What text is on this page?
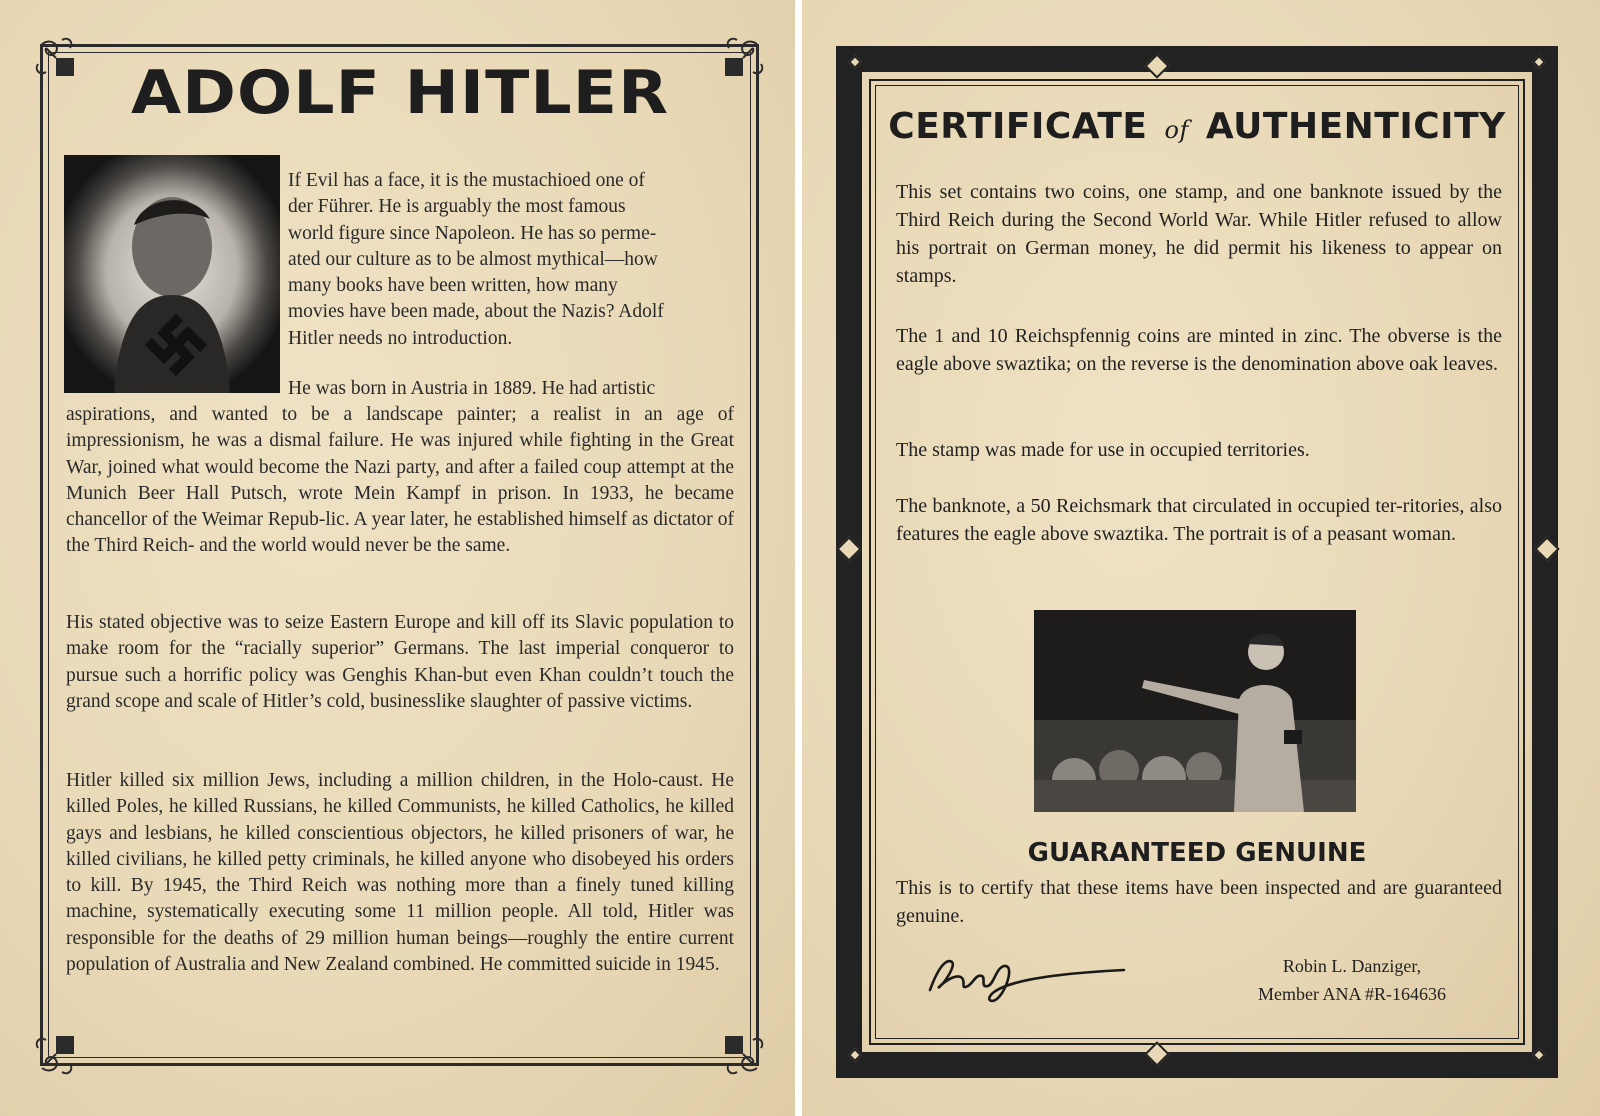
ADOLF HITLER
If Evil has a face, it is the mustachioed one of
der Führer. He is arguably the most famous
world figure since Napoleon. He has so perme-
ated our culture as to be almost mythical—how
many books have been written, how many
movies have been made, about the Nazis? Adolf
Hitler needs no introduction.
He was born in Austria in 1889. He had artistic
aspirations, and wanted to be a landscape painter; a realist in an age of impressionism, he was a dismal failure. He was injured while fighting in the Great War, joined what would become the Nazi party, and after a failed coup attempt at the Munich Beer Hall Putsch, wrote Mein Kampf in prison. In 1933, he became chancellor of the Weimar Repub-lic. A year later, he established himself as dictator of the Third Reich- and the world would never be the same.
His stated objective was to seize Eastern Europe and kill off its Slavic population to make room for the “racially superior” Germans. The last imperial conqueror to pursue such a horrific policy was Genghis Khan-but even Khan couldn’t touch the grand scope and scale of Hitler’s cold, businesslike slaughter of passive victims.
Hitler killed six million Jews, including a million children, in the Holo-caust. He killed Poles, he killed Russians, he killed Communists, he killed Catholics, he killed gays and lesbians, he killed conscientious objectors, he killed prisoners of war, he killed civilians, he killed petty criminals, he killed anyone who disobeyed his orders to kill. By 1945, the Third Reich was nothing more than a finely tuned killing machine, systematically executing some 11 million people. All told, Hitler was responsible for the deaths of 29 million human beings—roughly the entire current population of Australia and New Zealand combined. He committed suicide in 1945.
CERTIFICATE of AUTHENTICITY
This set contains two coins, one stamp, and one banknote issued by the Third Reich during the Second World War. While Hitler refused to allow his portrait on German money, he did permit his likeness to appear on stamps.
The 1 and 10 Reichspfennig coins are minted in zinc. The obverse is the eagle above swaztika; on the reverse is the denomination above oak leaves.
The stamp was made for use in occupied territories.
The banknote, a 50 Reichsmark that circulated in occupied ter-ritories, also features the eagle above swaztika. The portrait is of a peasant woman.
GUARANTEED GENUINE
This is to certify that these items have been inspected and are guaranteed genuine.
Robin L. Danziger,
Member ANA #R-164636
